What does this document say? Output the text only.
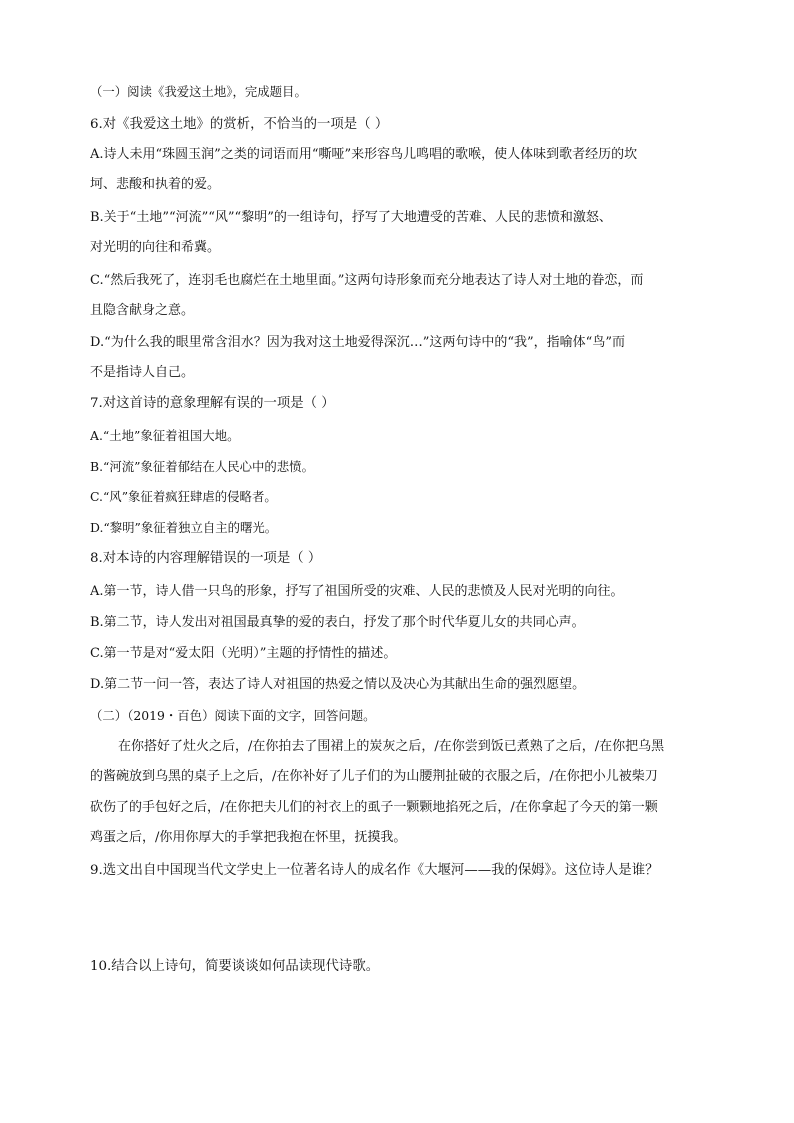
（一）阅读《我爱这土地》，完成题目。
6.对《我爱这土地》的赏析，不恰当的一项是（ ）
A.诗人未用“珠圆玉润”之类的词语而用“嘶哑”来形容鸟儿鸣唱的歌喉，使人体味到歌者经历的坎
坷、悲酸和执着的爱。
B.关于“土地”“河流”“风”“黎明”的一组诗句，抒写了大地遭受的苦难、人民的悲愤和激怒、
对光明的向往和希冀。
C.“然后我死了，连羽毛也腐烂在土地里面。”这两句诗形象而充分地表达了诗人对土地的眷恋，而
且隐含献身之意。
D.“为什么我的眼里常含泪水？因为我对这土地爱得深沉…”这两句诗中的“我”，指喻体“鸟”而
不是指诗人自己。
7.对这首诗的意象理解有误的一项是（ ）
A.“土地”象征着祖国大地。
B.“河流”象征着郁结在人民心中的悲愤。
C.“风”象征着疯狂肆虐的侵略者。
D.“黎明”象征着独立自主的曙光。
8.对本诗的内容理解错误的一项是（ ）
A.第一节，诗人借一只鸟的形象，抒写了祖国所受的灾难、人民的悲愤及人民对光明的向往。
B.第二节，诗人发出对祖国最真挚的爱的表白，抒发了那个时代华夏儿女的共同心声。
C.第一节是对“爱太阳（光明）”主题的抒情性的描述。
D.第二节一问一答，表达了诗人对祖国的热爱之情以及决心为其献出生命的强烈愿望。
（二）（2019・百色）阅读下面的文字，回答问题。
在你搭好了灶火之后，/在你拍去了围裙上的炭灰之后，/在你尝到饭已煮熟了之后，/在你把乌黑
的酱碗放到乌黑的桌子上之后，/在你补好了儿子们的为山腰荆扯破的衣服之后，/在你把小儿被柴刀
砍伤了的手包好之后，/在你把夫儿们的衬衣上的虱子一颗颗地掐死之后，/在你拿起了今天的第一颗
鸡蛋之后，/你用你厚大的手掌把我抱在怀里，抚摸我。
9.选文出自中国现当代文学史上一位著名诗人的成名作《大堰河——我的保姆》。这位诗人是谁？
10.结合以上诗句，简要谈谈如何品读现代诗歌。
